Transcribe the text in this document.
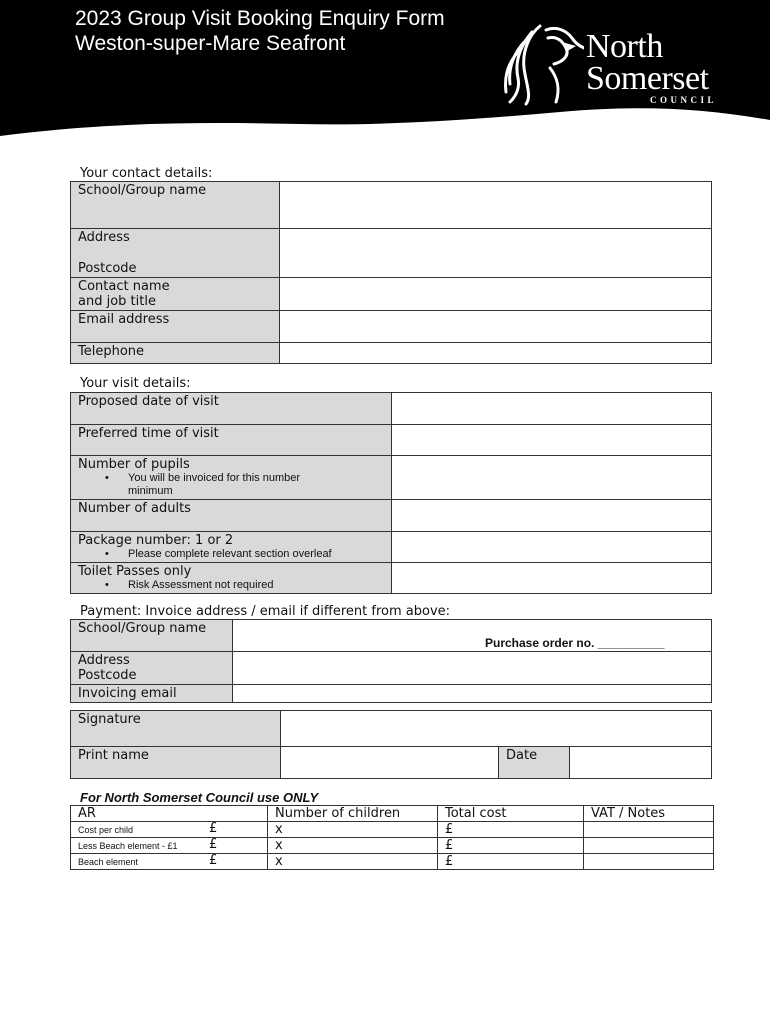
2023 Group Visit Booking Enquiry Form
Weston-super-Mare Seafront	North
Somerset
COUNCIL
Your contact details:
School/Group name	

Address
Postcode	

Contact name
and job title	

Email address	
Telephone	
Your visit details:
Proposed date of visit	
Preferred time of visit	

Number of pupils
• You will be invoiced for this number
minimum

Number of adults	

Package number: 1 or 2
• Please complete relevant section overleaf

Toilet Passes only
• Risk Assessment not required

Payment: Invoice address / email if different from above:
School/Group name	

Address
Postcode	

Invoicing email	
Purchase order no. __________
Signature			
Print name		Date	
For North Somerset Council use ONLY
AR	Number of children	Total cost	VAT / Notes
Cost per child £	x	£	
Less Beach element - £1 £	x	£	
Beach element £	x	£	
